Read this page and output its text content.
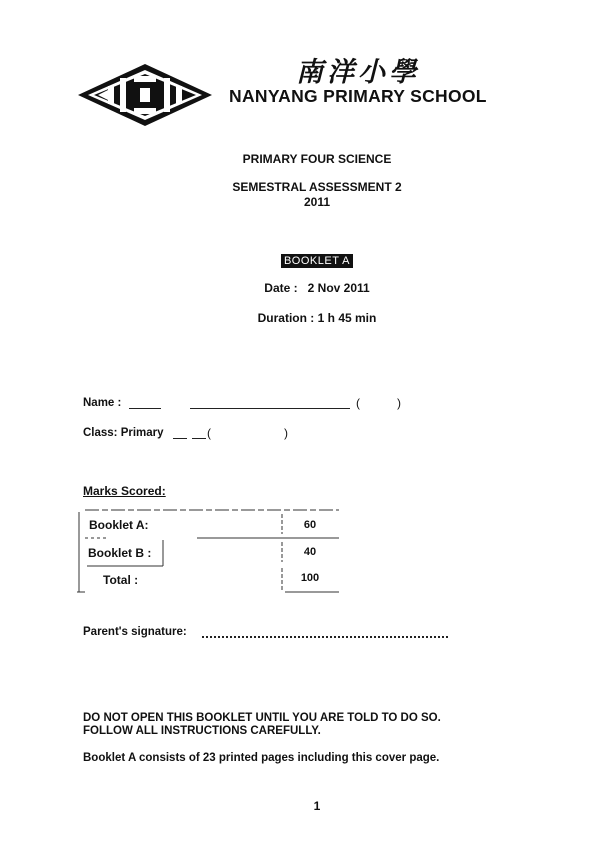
南洋小學
NANYANG PRIMARY SCHOOL
PRIMARY FOUR SCIENCE
SEMESTRAL ASSESSMENT 2
2011
BOOKLET A
Date : 2 Nov 2011
Duration : 1 h 45 min
Name :	(	)
Class: Primary	(	)
Marks Scored:
Booklet A:	60
Booklet B :	40
Total :	100
Parent's signature:
DO NOT OPEN THIS BOOKLET UNTIL YOU ARE TOLD TO DO SO.
FOLLOW ALL INSTRUCTIONS CAREFULLY.
Booklet A consists of 23 printed pages including this cover page.
1
